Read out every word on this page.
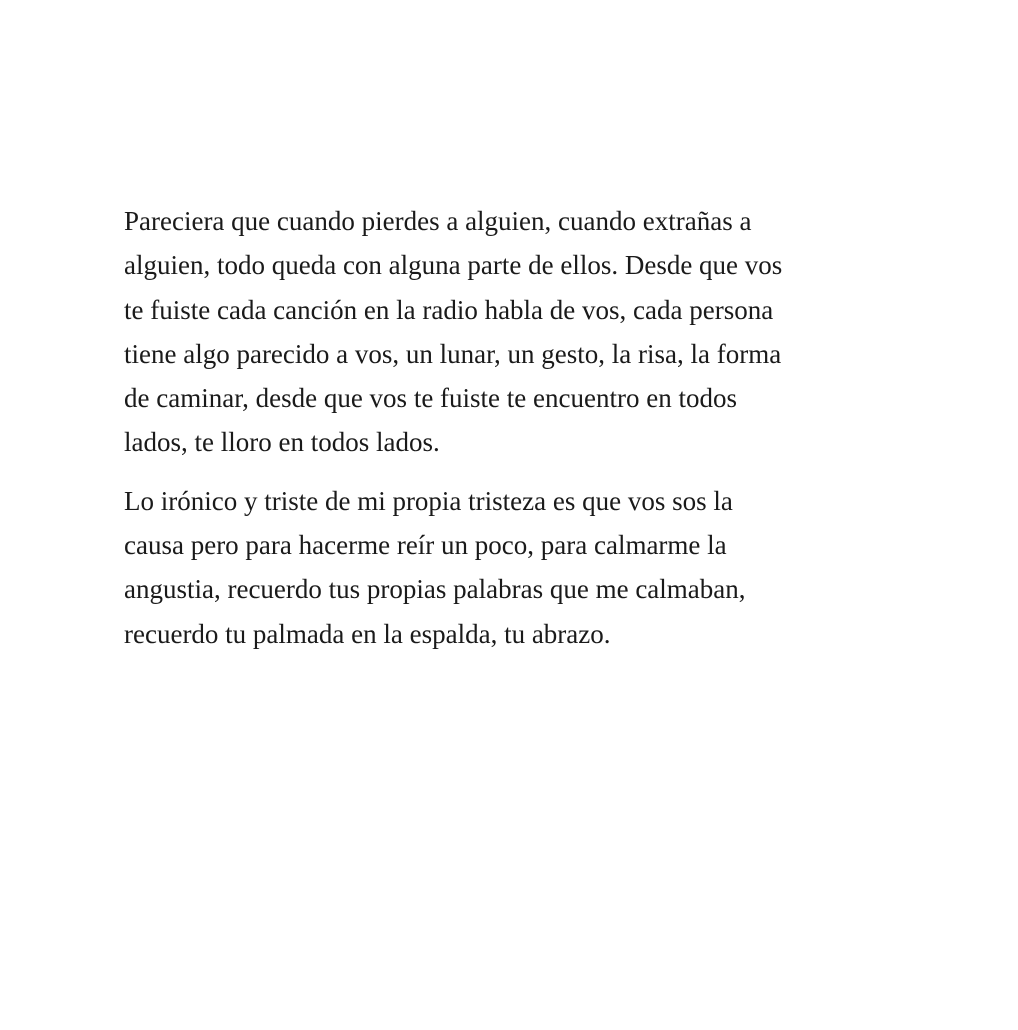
Pareciera que cuando pierdes a alguien, cuando extrañas a
alguien, todo queda con alguna parte de ellos. Desde que vos
te fuiste cada canción en la radio habla de vos, cada persona
tiene algo parecido a vos, un lunar, un gesto, la risa, la forma
de caminar, desde que vos te fuiste te encuentro en todos
lados, te lloro en todos lados.

Lo irónico y triste de mi propia tristeza es que vos sos la
causa pero para hacerme reír un poco, para calmarme la
angustia, recuerdo tus propias palabras que me calmaban,
recuerdo tu palmada en la espalda, tu abrazo.
